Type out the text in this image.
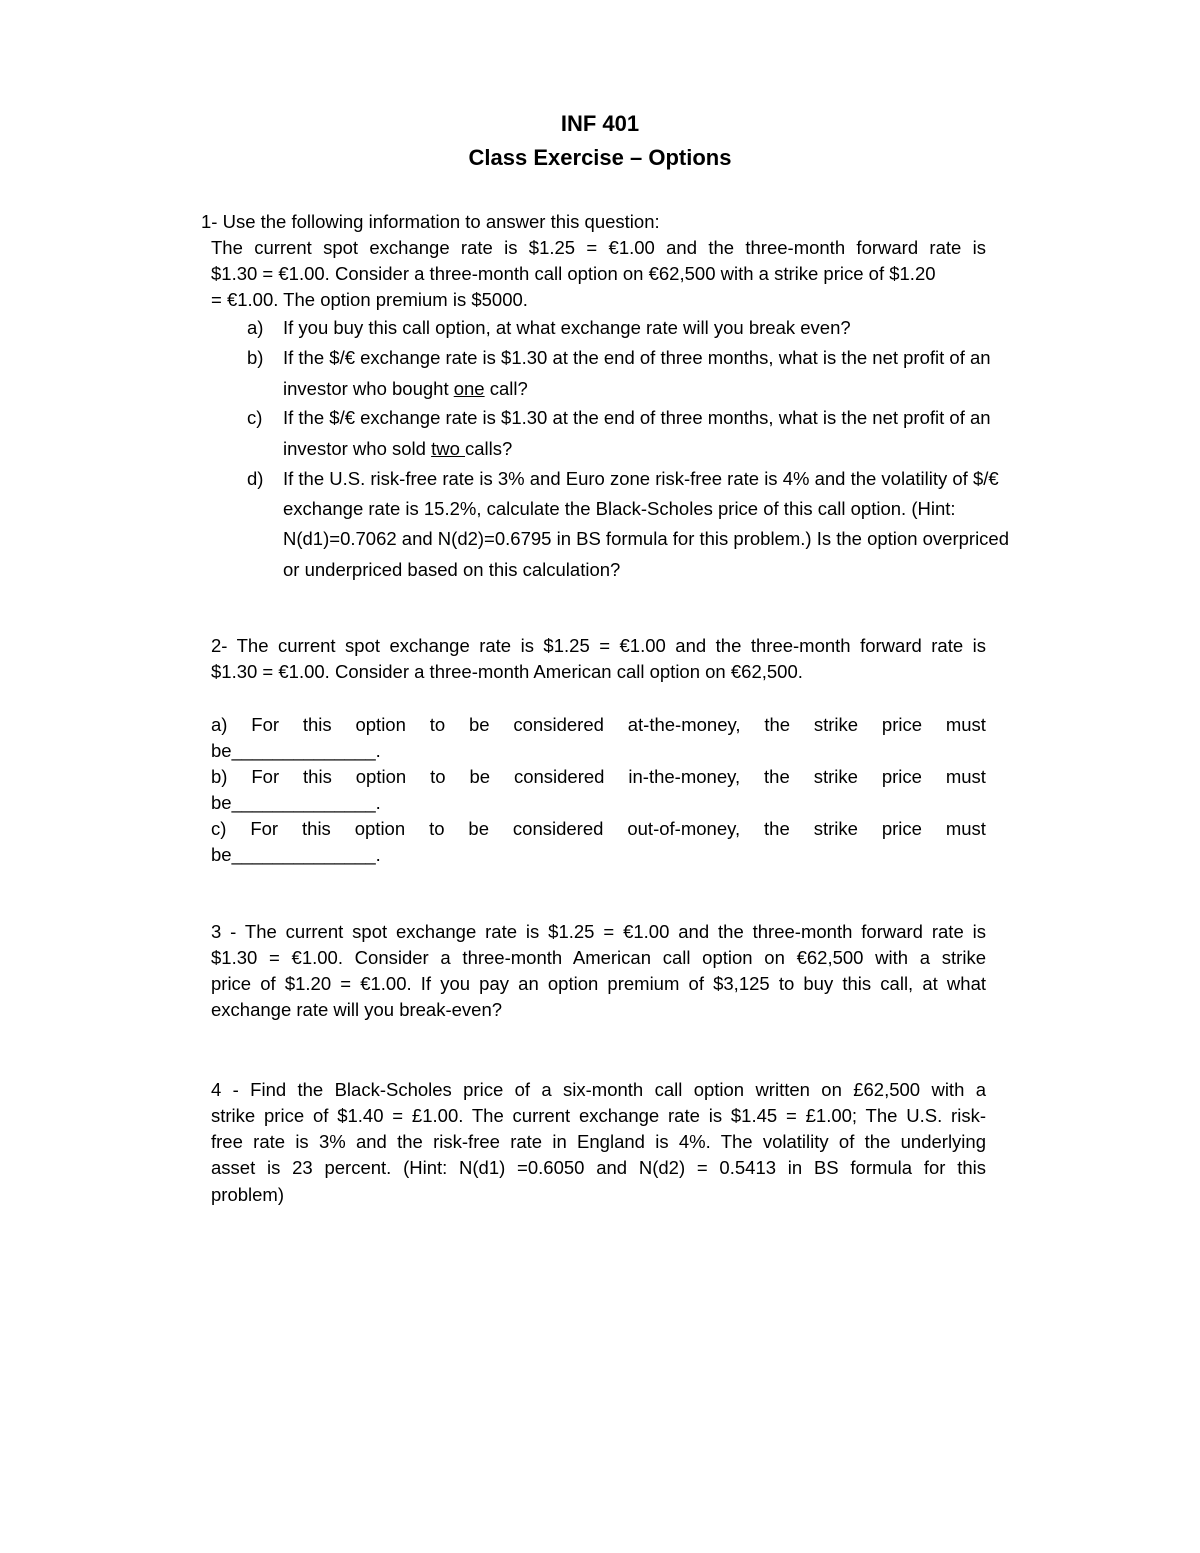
INF 401
Class Exercise – Options
1- Use the following information to answer this question:
The current spot exchange rate is $1.25 = €1.00 and the three-month forward rate is
$1.30 = €1.00. Consider a three-month call option on €62,500 with a strike price of $1.20
= €1.00. The option premium is $5000.
a) If you buy this call option, at what exchange rate will you break even?
b) If the $/€ exchange rate is $1.30 at the end of three months, what is the net profit of an
investor who bought one call?
c) If the $/€ exchange rate is $1.30 at the end of three months, what is the net profit of an
investor who sold two calls?
d) If the U.S. risk-free rate is 3% and Euro zone risk-free rate is 4% and the volatility of $/€
exchange rate is 15.2%, calculate the Black-Scholes price of this call option. (Hint:
N(d1)=0.7062 and N(d2)=0.6795 in BS formula for this problem.) Is the option overpriced
or underpriced based on this calculation?
2- The current spot exchange rate is $1.25 = €1.00 and the three-month forward rate is
$1.30 = €1.00. Consider a three-month American call option on €62,500.
a) For this option to be considered at-the-money, the strike price must
be______________.
b) For this option to be considered in-the-money, the strike price must
be______________.
c) For this option to be considered out-of-money, the strike price must
be______________.
3 - The current spot exchange rate is $1.25 = €1.00 and the three-month forward rate is
$1.30 = €1.00. Consider a three-month American call option on €62,500 with a strike
price of $1.20 = €1.00. If you pay an option premium of $3,125 to buy this call, at what
exchange rate will you break-even?
4 - Find the Black-Scholes price of a six-month call option written on £62,500 with a
strike price of $1.40 = £1.00. The current exchange rate is $1.45 = £1.00; The U.S. risk-
free rate is 3% and the risk-free rate in England is 4%. The volatility of the underlying
asset is 23 percent. (Hint: N(d1) =0.6050 and N(d2) = 0.5413 in BS formula for this
problem)
